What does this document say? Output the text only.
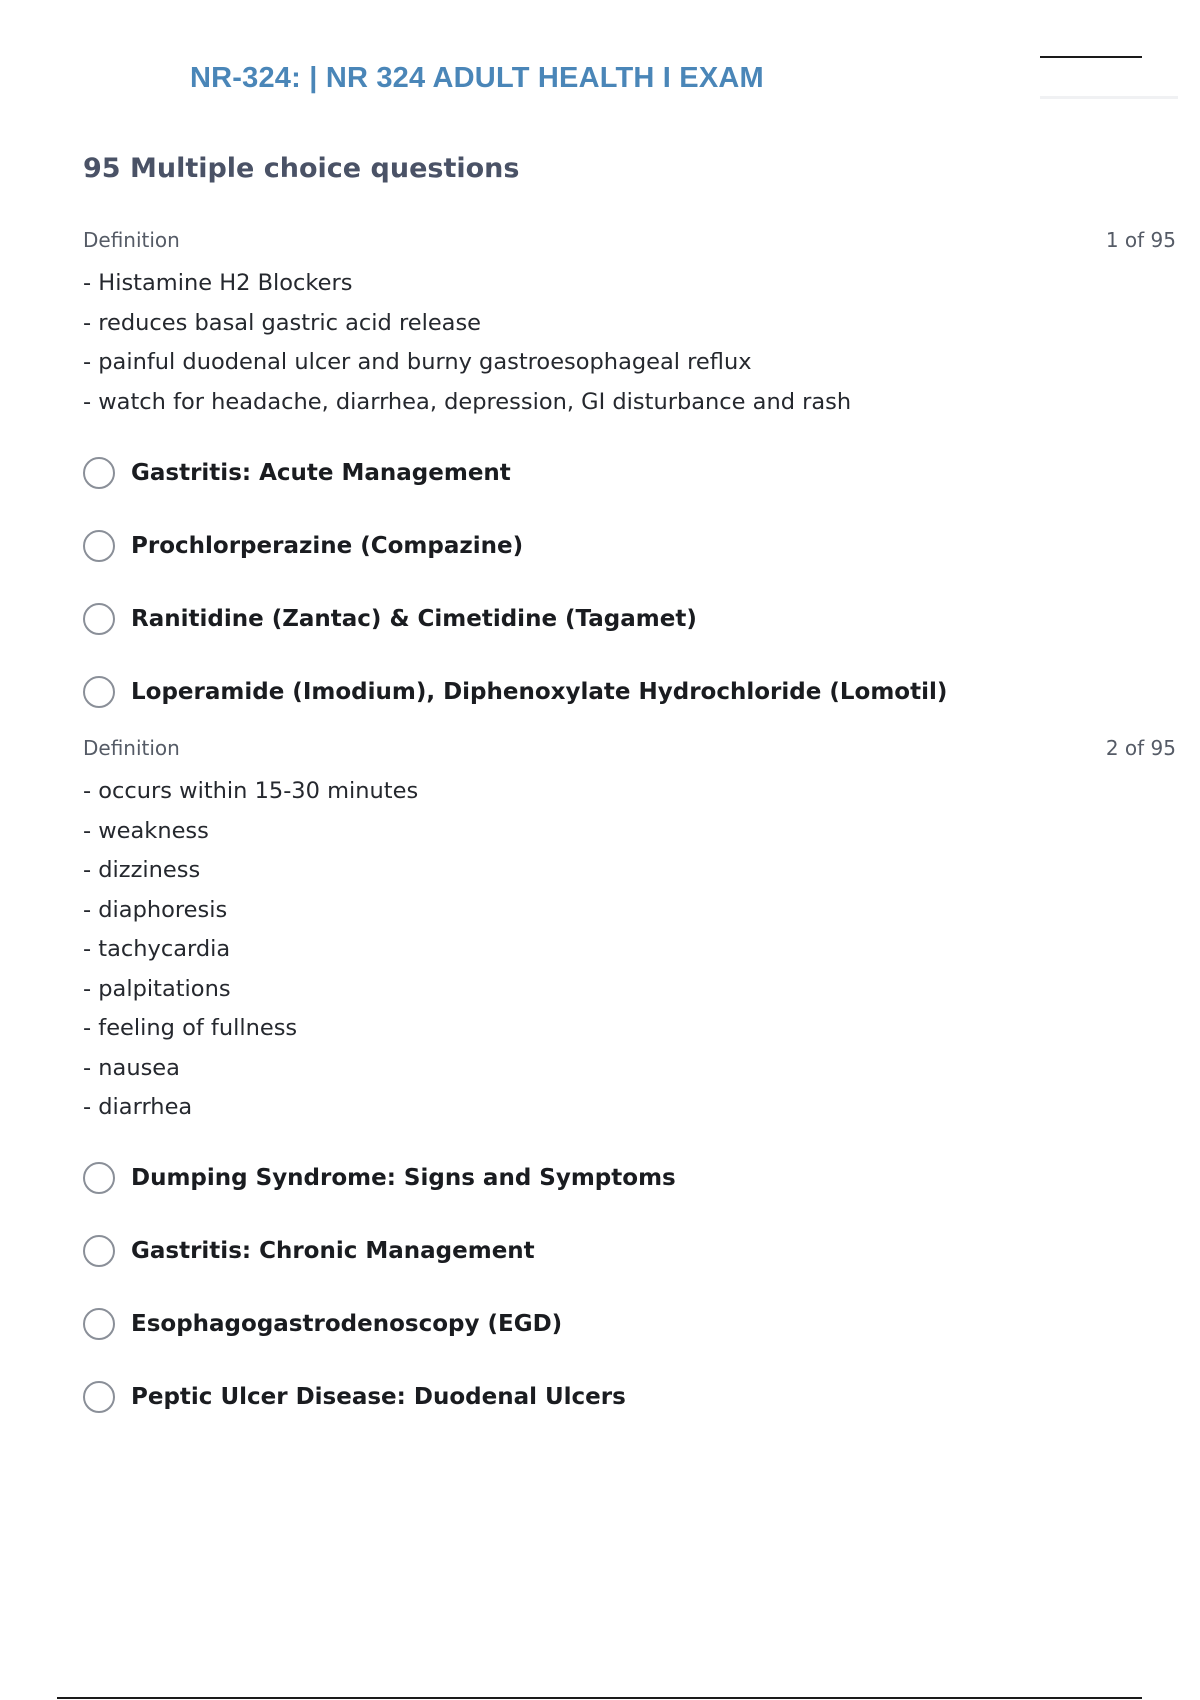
NR-324: | NR 324 ADULT HEALTH I EXAM
95 Multiple choice questions
Definition	1 of 95
- Histamine H2 Blockers
- reduces basal gastric acid release
- painful duodenal ulcer and burny gastroesophageal reflux
- watch for headache, diarrhea, depression, GI disturbance and rash
Gastritis: Acute Management
Prochlorperazine (Compazine)
Ranitidine (Zantac) & Cimetidine (Tagamet)
Loperamide (Imodium), Diphenoxylate Hydrochloride (Lomotil)
Definition	2 of 95
- occurs within 15-30 minutes
- weakness
- dizziness
- diaphoresis
- tachycardia
- palpitations
- feeling of fullness
- nausea
- diarrhea
Dumping Syndrome: Signs and Symptoms
Gastritis: Chronic Management
Esophagogastrodenoscopy (EGD)
Peptic Ulcer Disease: Duodenal Ulcers
